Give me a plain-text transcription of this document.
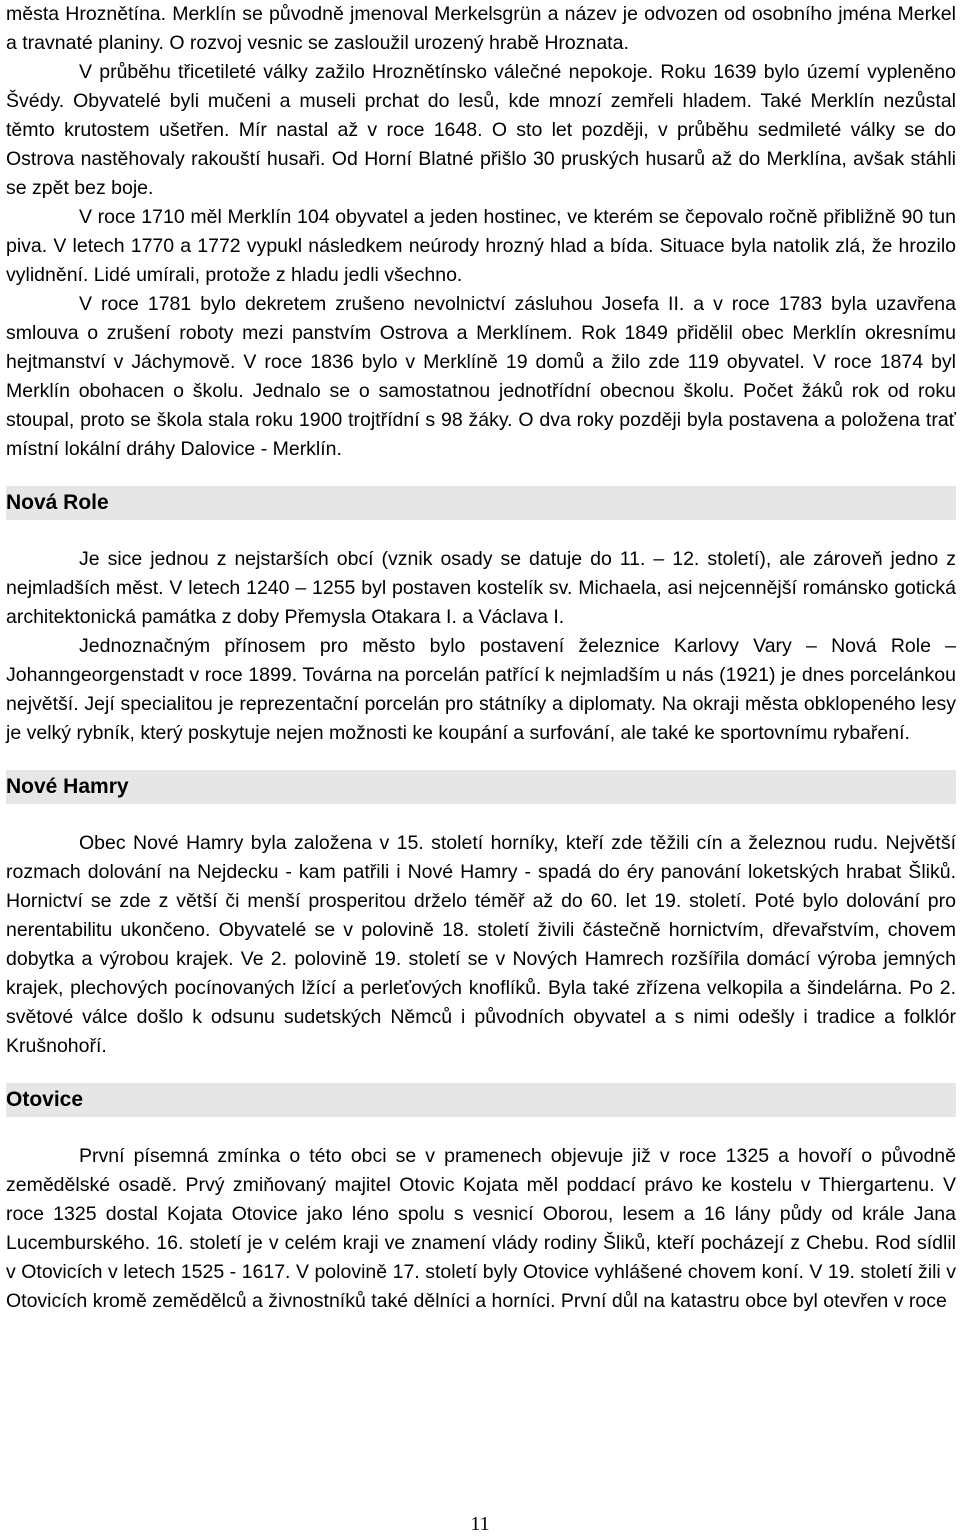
města Hroznětína. Merklín se původně jmenoval Merkelsgrün a název je odvozen od osobního jména Merkel a travnaté planiny. O rozvoj vesnic se zasloužil urozený hrabě Hroznata.

V průběhu třicetileté války zažilo Hroznětínsko válečné nepokoje. Roku 1639 bylo území vypleněno Švédy. Obyvatelé byli mučeni a museli prchat do lesů, kde mnozí zemřeli hladem. Také Merklín nezůstal těmto krutostem ušetřen. Mír nastal až v roce 1648. O sto let později, v průběhu sedmileté války se do Ostrova nastěhovaly rakouští husaři. Od Horní Blatné přišlo 30 pruských husarů až do Merklína, avšak stáhli se zpět bez boje.

V roce 1710 měl Merklín 104 obyvatel a jeden hostinec, ve kterém se čepovalo ročně přibližně 90 tun piva. V letech 1770 a 1772 vypukl následkem neúrody hrozný hlad a bída. Situace byla natolik zlá, že hrozilo vylidnění. Lidé umírali, protože z hladu jedli všechno.

V roce 1781 bylo dekretem zrušeno nevolnictví zásluhou Josefa II. a v roce 1783 byla uzavřena smlouva o zrušení roboty mezi panstvím Ostrova a Merklínem. Rok 1849 přidělil obec Merklín okresnímu hejtmanství v Jáchymově. V roce 1836 bylo v Merklíně 19 domů a žilo zde 119 obyvatel. V roce 1874 byl Merklín obohacen o školu. Jednalo se o samostatnou jednotřídní obecnou školu. Počet žáků rok od roku stoupal, proto se škola stala roku 1900 trojtřídní s 98 žáky. O dva roky později byla postavena a položena trať místní lokální dráhy Dalovice - Merklín.

Nová Role

Je sice jednou z nejstarších obcí (vznik osady se datuje do 11. – 12. století), ale zároveň jedno z nejmladších měst. V letech 1240 – 1255 byl postaven kostelík sv. Michaela, asi nejcennější románsko gotická architektonická památka z doby Přemysla Otakara I. a Václava I.

Jednoznačným přínosem pro město bylo postavení železnice Karlovy Vary – Nová Role – Johanngeorgenstadt v roce 1899. Továrna na porcelán patřící k nejmladším u nás (1921) je dnes porcelánkou největší. Její specialitou je reprezentační porcelán pro státníky a diplomaty. Na okraji města obklopeného lesy je velký rybník, který poskytuje nejen možnosti ke koupání a surfování, ale také ke sportovnímu rybaření.

Nové Hamry

Obec Nové Hamry byla založena v 15. století horníky, kteří zde těžili cín a železnou rudu. Největší rozmach dolování na Nejdecku - kam patřili i Nové Hamry - spadá do éry panování loketských hrabat Šliků. Hornictví se zde z větší či menší prosperitou drželo téměř až do 60. let 19. století. Poté bylo dolování pro nerentabilitu ukončeno. Obyvatelé se v polovině 18. století živili částečně hornictvím, dřevařstvím, chovem dobytka a výrobou krajek. Ve 2. polovině 19. století se v Nových Hamrech rozšířila domácí výroba jemných krajek, plechových pocínovaných lžící a perleťových knoflíků. Byla také zřízena velkopila a šindelárna. Po 2. světové válce došlo k odsunu sudetských Němců i původních obyvatel a s nimi odešly i tradice a folklór Krušnohoří.

Otovice

První písemná zmínka o této obci se v pramenech objevuje již v roce 1325 a hovoří o původně zemědělské osadě. Prvý zmiňovaný majitel Otovic Kojata měl poddací právo ke kostelu v Thiergartenu. V roce 1325 dostal Kojata Otovice jako léno spolu s vesnicí Oborou, lesem a 16 lány půdy od krále Jana Lucemburského. 16. století je v celém kraji ve znamení vlády rodiny Šliků, kteří pocházejí z Chebu. Rod sídlil v Otovicích v letech 1525 - 1617. V polovině 17. století byly Otovice vyhlášené chovem koní. V 19. století žili v Otovicích kromě zemědělců a živnostníků také dělníci a horníci. První důl na katastru obce byl otevřen v roce

11
